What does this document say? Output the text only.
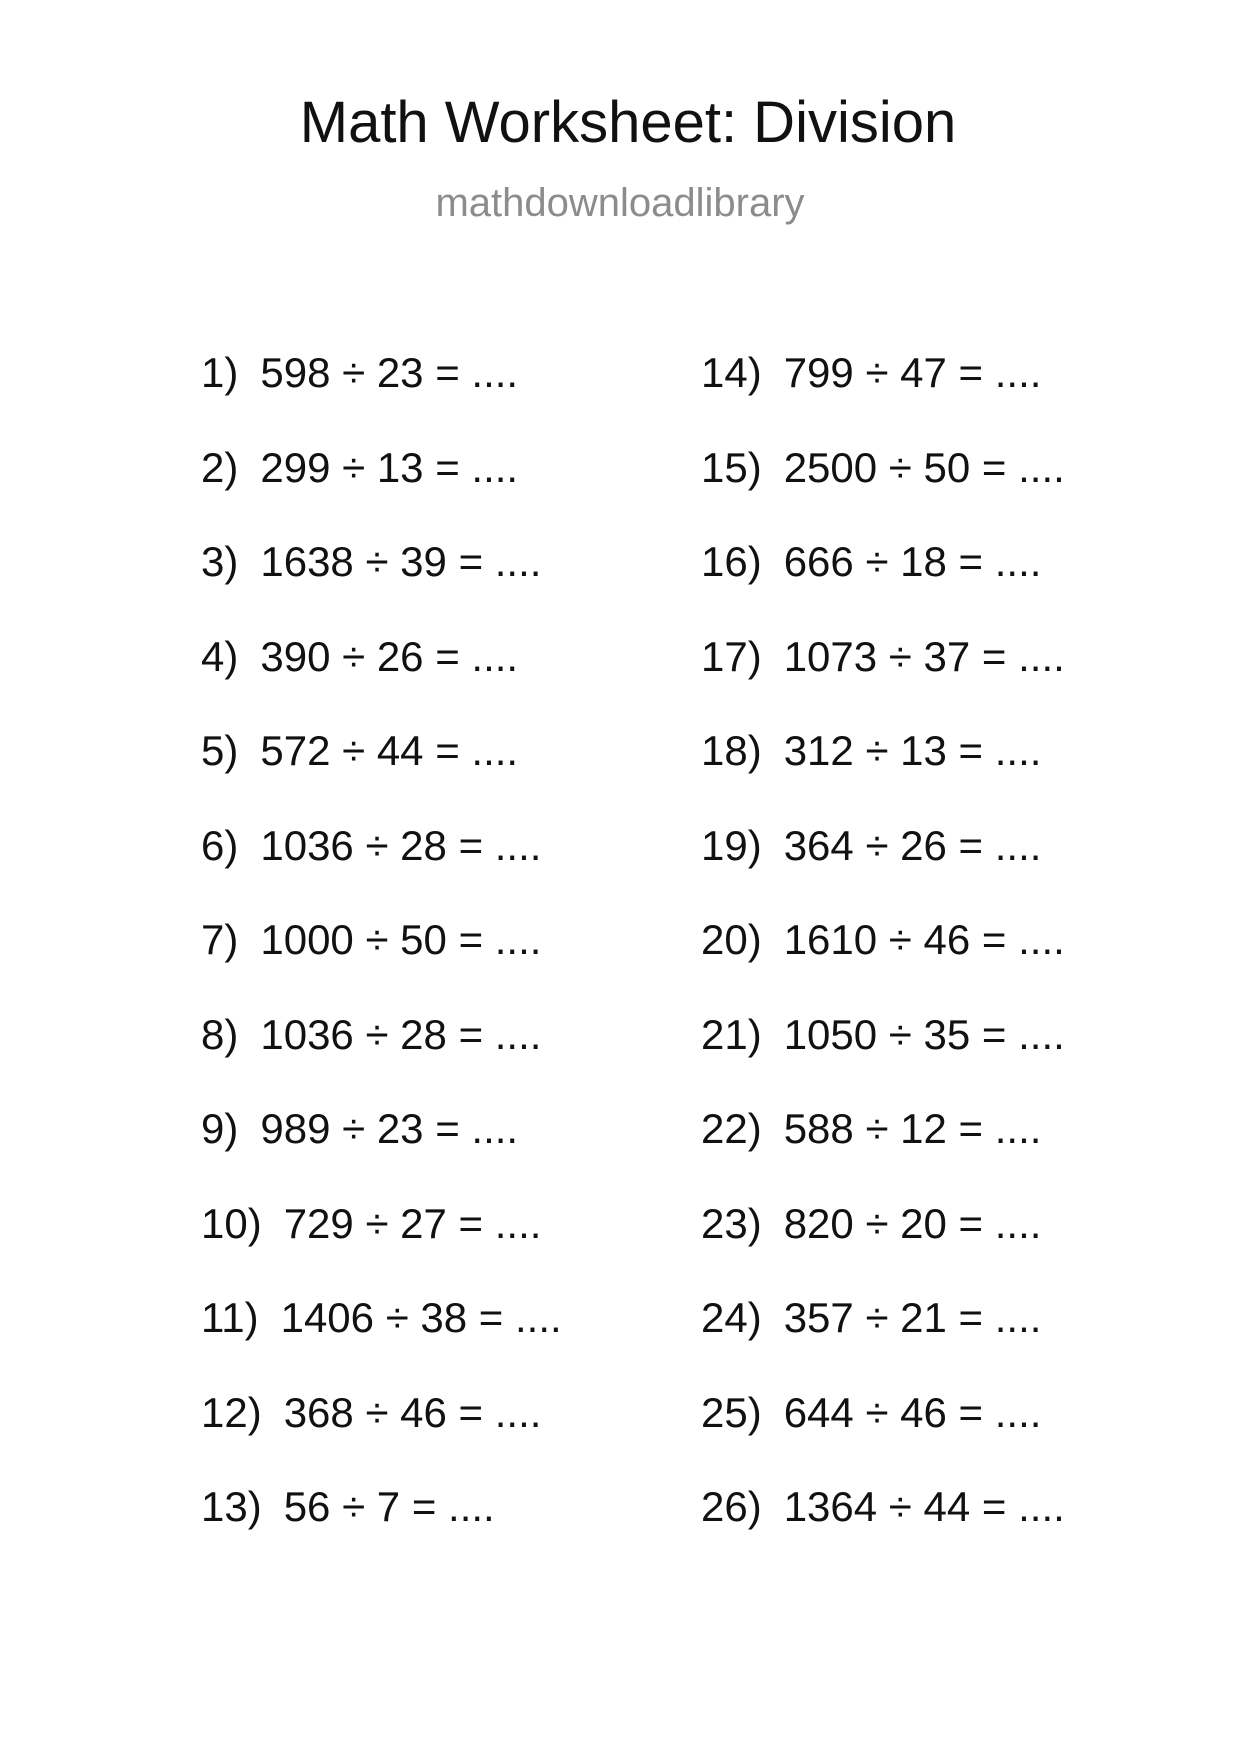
Math Worksheet: Division
mathdownloadlibrary
1) 598 ÷ 23 = ....
2) 299 ÷ 13 = ....
3) 1638 ÷ 39 = ....
4) 390 ÷ 26 = ....
5) 572 ÷ 44 = ....
6) 1036 ÷ 28 = ....
7) 1000 ÷ 50 = ....
8) 1036 ÷ 28 = ....
9) 989 ÷ 23 = ....
10) 729 ÷ 27 = ....
11) 1406 ÷ 38 = ....
12) 368 ÷ 46 = ....
13) 56 ÷ 7 = ....
14) 799 ÷ 47 = ....
15) 2500 ÷ 50 = ....
16) 666 ÷ 18 = ....
17) 1073 ÷ 37 = ....
18) 312 ÷ 13 = ....
19) 364 ÷ 26 = ....
20) 1610 ÷ 46 = ....
21) 1050 ÷ 35 = ....
22) 588 ÷ 12 = ....
23) 820 ÷ 20 = ....
24) 357 ÷ 21 = ....
25) 644 ÷ 46 = ....
26) 1364 ÷ 44 = ....
